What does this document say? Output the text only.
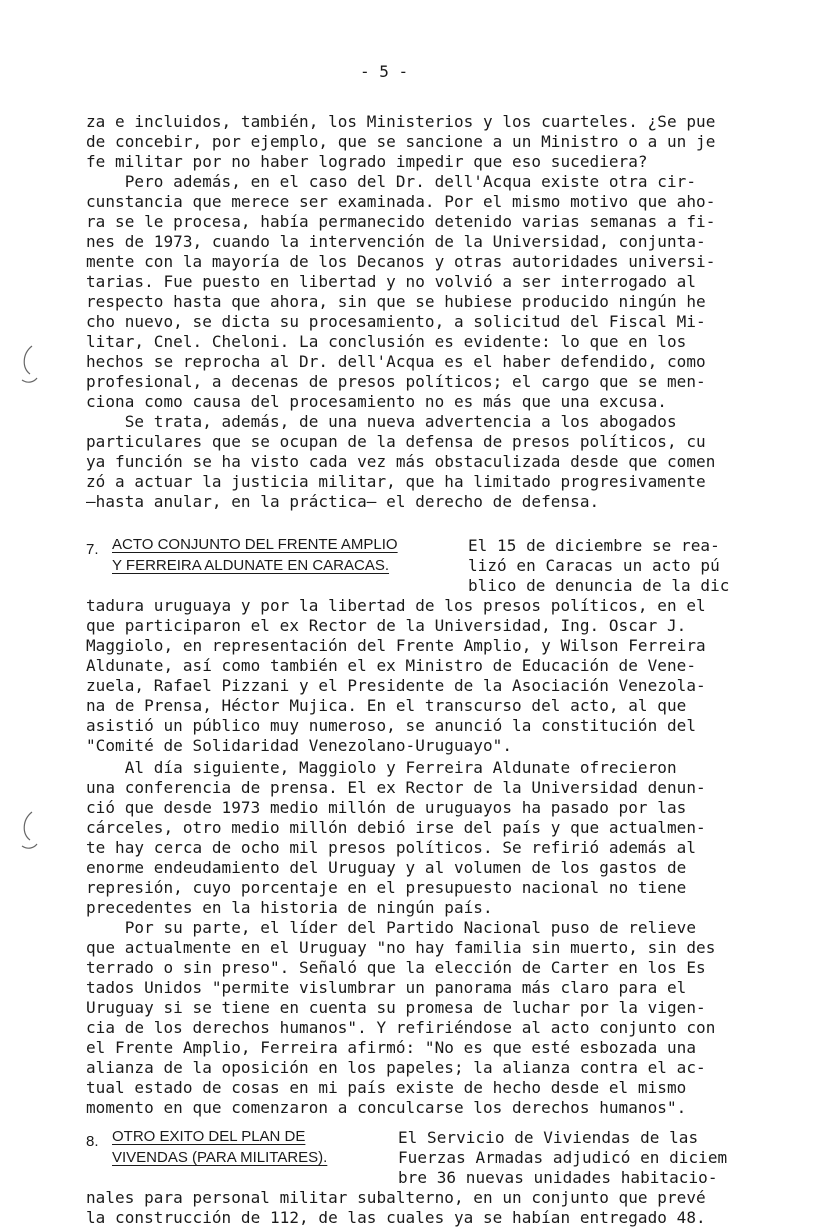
- 5 -
za e incluidos, también, los Ministerios y los cuarteles. ¿Se pue
de concebir, por ejemplo, que se sancione a un Ministro o a un je
fe militar por no haber logrado impedir que eso sucediera?
Pero además, en el caso del Dr. dell'Acqua existe otra cir-
cunstancia que merece ser examinada. Por el mismo motivo que aho-
ra se le procesa, había permanecido detenido varias semanas a fi-
nes de 1973, cuando la intervención de la Universidad, conjunta-
mente con la mayoría de los Decanos y otras autoridades universi-
tarias. Fue puesto en libertad y no volvió a ser interrogado al
respecto hasta que ahora, sin que se hubiese producido ningún he
cho nuevo, se dicta su procesamiento, a solicitud del Fiscal Mi-
litar, Cnel. Cheloni. La conclusión es evidente: lo que en los
hechos se reprocha al Dr. dell'Acqua es el haber defendido, como
profesional, a decenas de presos políticos; el cargo que se men-
ciona como causa del procesamiento no es más que una excusa.
Se trata, además, de una nueva advertencia a los abogados
particulares que se ocupan de la defensa de presos políticos, cu
ya función se ha visto cada vez más obstaculizada desde que comen
zó a actuar la justicia militar, que ha limitado progresivamente
—hasta anular, en la práctica— el derecho de defensa.
7. ACTO CONJUNTO DEL FRENTE AMPLIO
Y FERREIRA ALDUNATE EN CARACAS.
El 15 de diciembre se rea-
lizó en Caracas un acto pú
blico de denuncia de la dic
tadura uruguaya y por la libertad de los presos políticos, en el
que participaron el ex Rector de la Universidad, Ing. Oscar J.
Maggiolo, en representación del Frente Amplio, y Wilson Ferreira
Aldunate, así como también el ex Ministro de Educación de Vene-
zuela, Rafael Pizzani y el Presidente de la Asociación Venezola-
na de Prensa, Héctor Mujica. En el transcurso del acto, al que
asistió un público muy numeroso, se anunció la constitución del
"Comité de Solidaridad Venezolano-Uruguayo".
Al día siguiente, Maggiolo y Ferreira Aldunate ofrecieron
una conferencia de prensa. El ex Rector de la Universidad denun-
ció que desde 1973 medio millón de uruguayos ha pasado por las
cárceles, otro medio millón debió irse del país y que actualmen-
te hay cerca de ocho mil presos políticos. Se refirió además al
enorme endeudamiento del Uruguay y al volumen de los gastos de
represión, cuyo porcentaje en el presupuesto nacional no tiene
precedentes en la historia de ningún país.
Por su parte, el líder del Partido Nacional puso de relieve
que actualmente en el Uruguay "no hay familia sin muerto, sin des
terrado o sin preso". Señaló que la elección de Carter en los Es
tados Unidos "permite vislumbrar un panorama más claro para el
Uruguay si se tiene en cuenta su promesa de luchar por la vigen-
cia de los derechos humanos". Y refiriéndose al acto conjunto con
el Frente Amplio, Ferreira afirmó: "No es que esté esbozada una
alianza de la oposición en los papeles; la alianza contra el ac-
tual estado de cosas en mi país existe de hecho desde el mismo
momento en que comenzaron a conculcarse los derechos humanos".
8. OTRO EXITO DEL PLAN DE
VIVENDAS (PARA MILITARES).
El Servicio de Viviendas de las
Fuerzas Armadas adjudicó en diciem
bre 36 nuevas unidades habitacio-
nales para personal militar subalterno, en un conjunto que prevé
la construcción de 112, de las cuales ya se habían entregado 48.
